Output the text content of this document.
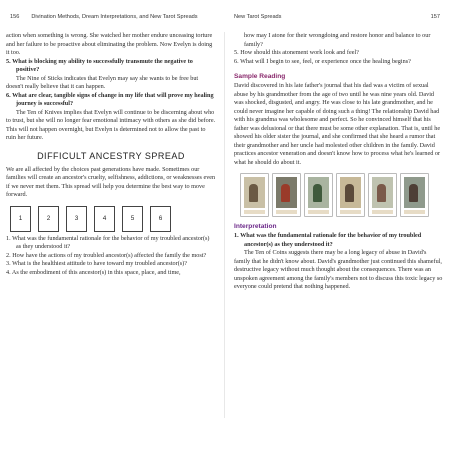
156 Divination Methods, Dream Interpretations, and New Tarot Spreads	New Tarot Spreads	157

action when something is wrong. She watched her mother endure unceasing torture and her failure to be proactive about eliminating the problem. Now Evelyn is doing it too.

5. What is blocking my ability to successfully transmute the negative to positive?

The Nine of Sticks indicates that Evelyn may say she wants to be free but doesn't really believe that it can happen.

6. What are clear, tangible signs of change in my life that will prove my healing journey is successful?

The Ten of Knives implies that Evelyn will continue to be discerning about who to trust, but she will no longer fear emotional intimacy with others as she did before. This will not happen overnight, but Evelyn is determined not to allow the past to ruin her future.

DIFFICULT ANCESTRY SPREAD

We are all affected by the choices past generations have made. Sometimes our families will create an ancestor's cruelty, selfishness, addictions, or weaknesses even if we never met them. This spread will help you determine the best way to move forward.

1	2	3	4	5	6

1. What was the fundamental rationale for the behavior of my troubled ancestor(s) as they understood it?

2. How have the actions of my troubled ancestor(s) affected the family the most?

3. What is the healthiest attitude to have toward my troubled ancestor(s)?

4. As the embodiment of this ancestor(s) in this space, place, and time,

how may I atone for their wrongdoing and restore honor and balance to our family?

5. How should this atonement work look and feel?

6. What will I begin to see, feel, or experience once the healing begins?

Sample Reading

David discovered in his late father's journal that his dad was a victim of sexual abuse by his grandmother from the age of two until he was nine years old. David was shocked, disgusted, and angry. He was close to his late grandmother, and he could never imagine her capable of doing such a thing! The relationship David had with his grandma was wholesome and perfect. So he convinced himself that his father was delusional or that there must be some other explanation. That is, until he showed his older sister the journal, and she confirmed that she heard a rumor that their grandmother and her uncle had molested other children in the family. David practices ancestor veneration and doesn't know how to process what he's learned or what he should do about it.

Interpretation

1. What was the fundamental rationale for the behavior of my troubled ancestor(s) as they understood it?

The Ten of Coins suggests there may be a long legacy of abuse in David's family that he didn't know about. David's grandmother just continued this shameful, destructive legacy without much thought about the consequences. There was an unspoken agreement among the family's members not to discuss this toxic legacy so everyone could pretend that nothing happened.
